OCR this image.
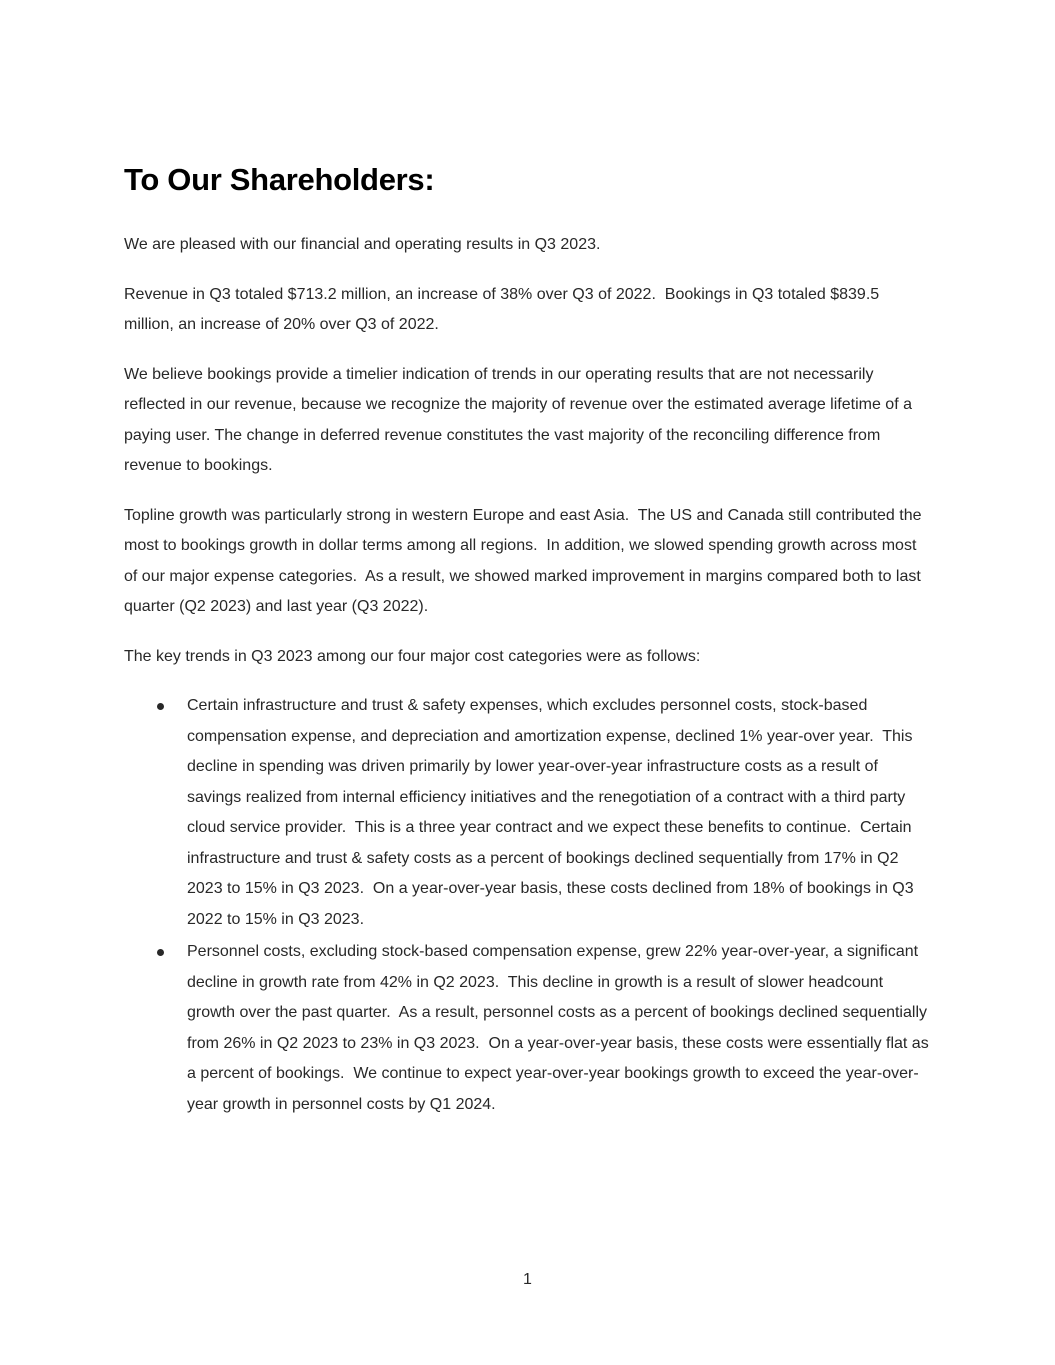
To Our Shareholders:

We are pleased with our financial and operating results in Q3 2023.

Revenue in Q3 totaled $713.2 million, an increase of 38% over Q3 of 2022.  Bookings in Q3 totaled $839.5 million, an increase of 20% over Q3 of 2022.

We believe bookings provide a timelier indication of trends in our operating results that are not necessarily reflected in our revenue, because we recognize the majority of revenue over the estimated average lifetime of a paying user. The change in deferred revenue constitutes the vast majority of the reconciling difference from revenue to bookings.

Topline growth was particularly strong in western Europe and east Asia.  The US and Canada still contributed the most to bookings growth in dollar terms among all regions.  In addition, we slowed spending growth across most of our major expense categories.  As a result, we showed marked improvement in margins compared both to last quarter (Q2 2023) and last year (Q3 2022).

The key trends in Q3 2023 among our four major cost categories were as follows:

Certain infrastructure and trust & safety expenses, which excludes personnel costs, stock-based compensation expense, and depreciation and amortization expense, declined 1% year-over year.  This decline in spending was driven primarily by lower year-over-year infrastructure costs as a result of savings realized from internal efficiency initiatives and the renegotiation of a contract with a third party cloud service provider.  This is a three year contract and we expect these benefits to continue.  Certain infrastructure and trust & safety costs as a percent of bookings declined sequentially from 17% in Q2 2023 to 15% in Q3 2023.  On a year-over-year basis, these costs declined from 18% of bookings in Q3 2022 to 15% in Q3 2023.
Personnel costs, excluding stock-based compensation expense, grew 22% year-over-year, a significant decline in growth rate from 42% in Q2 2023.  This decline in growth is a result of slower headcount growth over the past quarter.  As a result, personnel costs as a percent of bookings declined sequentially from 26% in Q2 2023 to 23% in Q3 2023.  On a year-over-year basis, these costs were essentially flat as a percent of bookings.  We continue to expect year-over-year bookings growth to exceed the year-over-year growth in personnel costs by Q1 2024.
1
